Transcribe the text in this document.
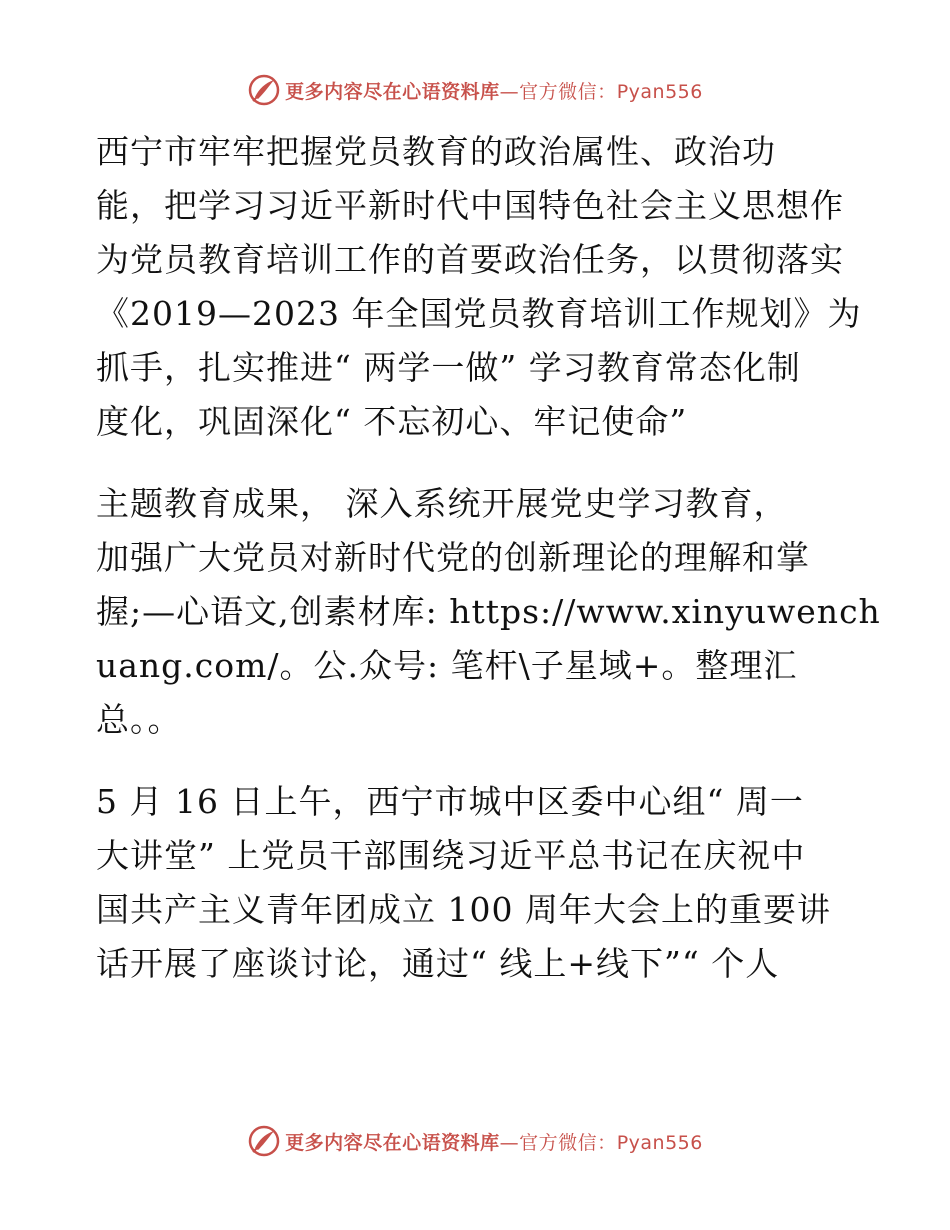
更多内容尽在心语资料库—官方微信：Pyan556
西宁市牢牢把握党员教育的政治属性、政治功
能，把学习习近平新时代中国特色社会主义思想作
为党员教育培训工作的首要政治任务，以贯彻落实
《2019—2023 年全国党员教育培训工作规划》为
抓手，扎实推进“ 两学一做” 学习教育常态化制
度化，巩固深化“ 不忘初心、牢记使命”
主题教育成果， 深入系统开展党史学习教育，
加强广大党员对新时代党的创新理论的理解和掌
握;—心语文,创素材库: https://www.xinyuwench
uang.com/。公.众号: 笔杆\子星域+。整理汇
总。。
5 月 16 日上午，西宁市城中区委中心组“ 周一
大讲堂” 上党员干部围绕习近平总书记在庆祝中
国共产主义青年团成立 100 周年大会上的重要讲
话开展了座谈讨论，通过“ 线上+线下”“ 个人
更多内容尽在心语资料库—官方微信：Pyan556
